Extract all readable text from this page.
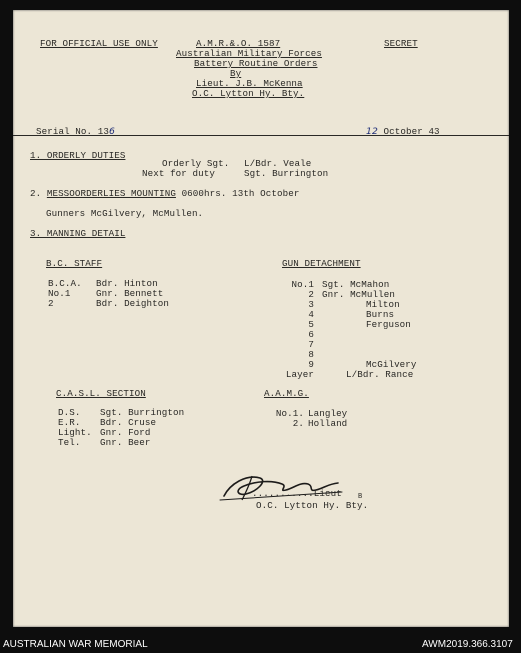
FOR OFFICIAL USE ONLY	A.M.R.&.O. 1587	SECRET
Australian Military Forces
Battery Routine Orders
By
Lieut. J.B. McKenna
O.C. Lytton Hy. Bty.
Serial No. 136	12 October 43
1. ORDERLY DUTIES
Orderly Sgt. L/Bdr. Veale
Next for duty	Sgt. Burrington
2. MESSOORDERLIES MOUNTING 0600hrs. 13th October
Gunners McGilvery, McMullen.
3. MANNING DETAIL
B.C. STAFF
B.C.A. Bdr. Hinton
No.1	Gnr. Bennett
2	Bdr. Deighton
GUN DETACHMENT
No.1 Sgt. McMahon
2 Gnr. McMullen
3	Milton
4	Burns
5	Ferguson
6
7
8
9	McGilvery
Layer	L/Bdr. Rance
C.A.S.L. SECTION
D.S. Sgt. Burrington
E.R. Bdr. Cruse
Light. Gnr. Ford
Tel. Gnr. Beer
A.A.M.G.
No.1. Langley
2. Holland
...........Lieut B
O.C. Lytton Hy. Bty.
AUSTRALIAN WAR MEMORIAL	AWM2019.366.3107
